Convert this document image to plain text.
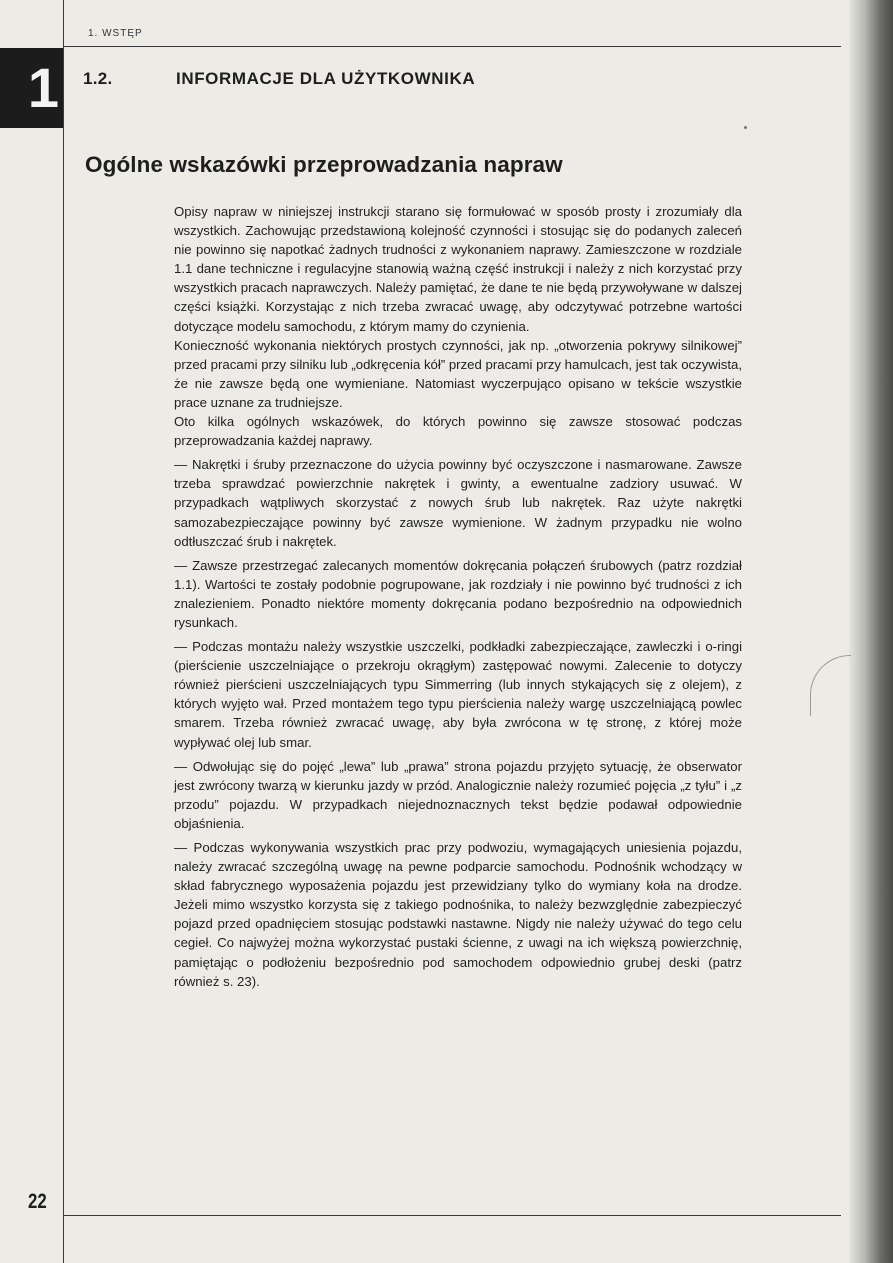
1
1. WSTĘP
1.2.	INFORMACJE DLA UŻYTKOWNIKA
Ogólne wskazówki przeprowadzania napraw

Opisy napraw w niniejszej instrukcji starano się formułować w sposób prosty i zrozumiały dla wszystkich. Zachowując przedstawioną kolejność czynności i stosując się do podanych zaleceń nie powinno się napotkać żadnych trudności z wykonaniem naprawy. Zamieszczone w rozdziale 1.1 dane techniczne i regulacyjne stanowią ważną część instrukcji i należy z nich korzystać przy wszystkich pracach naprawczych. Należy pamiętać, że dane te nie będą przywoływane w dalszej części książki. Korzystając z nich trzeba zwracać uwagę, aby odczytywać potrzebne wartości dotyczące modelu samochodu, z którym mamy do czynienia.

Konieczność wykonania niektórych prostych czynności, jak np. „otworzenia pokrywy silnikowej” przed pracami przy silniku lub „odkręcenia kół” przed pracami przy hamulcach, jest tak oczywista, że nie zawsze będą one wymieniane. Natomiast wyczerpująco opisano w tekście wszystkie prace uznane za trudniejsze.

Oto kilka ogólnych wskazówek, do których powinno się zawsze stosować podczas przeprowadzania każdej naprawy.

— Nakrętki i śruby przeznaczone do użycia powinny być oczyszczone i nasmarowane. Zawsze trzeba sprawdzać powierzchnie nakrętek i gwinty, a ewentualne zadziory usuwać. W przypadkach wątpliwych skorzystać z nowych śrub lub nakrętek. Raz użyte nakrętki samozabezpieczające powinny być zawsze wymienione. W żadnym przypadku nie wolno odtłuszczać śrub i nakrętek.

— Zawsze przestrzegać zalecanych momentów dokręcania połączeń śrubowych (patrz rozdział 1.1). Wartości te zostały podobnie pogrupowane, jak rozdziały i nie powinno być trudności z ich znalezieniem. Ponadto niektóre momenty dokręcania podano bezpośrednio na odpowiednich rysunkach.

— Podczas montażu należy wszystkie uszczelki, podkładki zabezpieczające, zawleczki i o-ringi (pierścienie uszczelniające o przekroju okrągłym) zastępować nowymi. Zalecenie to dotyczy również pierścieni uszczelniających typu Simmerring (lub innych stykających się z olejem), z których wyjęto wał. Przed montażem tego typu pierścienia należy wargę uszczelniającą powlec smarem. Trzeba również zwracać uwagę, aby była zwrócona w tę stronę, z której może wypływać olej lub smar.

— Odwołując się do pojęć „lewa” lub „prawa” strona pojazdu przyjęto sytuację, że obserwator jest zwrócony twarzą w kierunku jazdy w przód. Analogicznie należy rozumieć pojęcia „z tyłu” i „z przodu” pojazdu. W przypadkach niejednoznacznych tekst będzie podawał odpowiednie objaśnienia.

— Podczas wykonywania wszystkich prac przy podwoziu, wymagających uniesienia pojazdu, należy zwracać szczególną uwagę na pewne podparcie samochodu. Podnośnik wchodzący w skład fabrycznego wyposażenia pojazdu jest przewidziany tylko do wymiany koła na drodze. Jeżeli mimo wszystko korzysta się z takiego podnośnika, to należy bezwzględnie zabezpieczyć pojazd przed opadnięciem stosując podstawki nastawne. Nigdy nie należy używać do tego celu cegieł. Co najwyżej można wykorzystać pustaki ścienne, z uwagi na ich większą powierzchnię, pamiętając o podłożeniu bezpośrednio pod samochodem odpowiednio grubej deski (patrz również s. 23).

22
